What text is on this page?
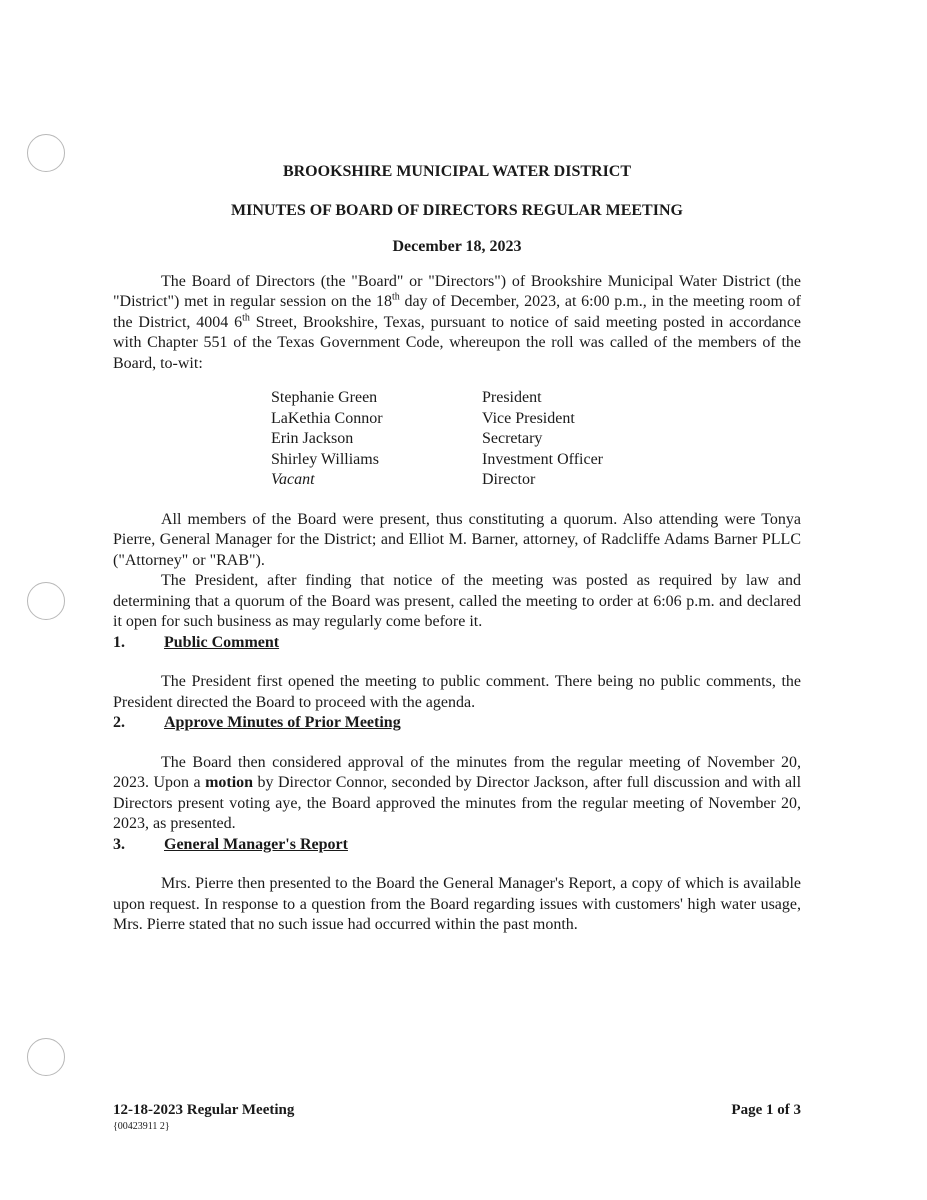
BROOKSHIRE MUNICIPAL WATER DISTRICT

MINUTES OF BOARD OF DIRECTORS REGULAR MEETING

December 18, 2023

The Board of Directors (the "Board" or "Directors") of Brookshire Municipal Water District (the "District") met in regular session on the 18th day of December, 2023, at 6:00 p.m., in the meeting room of the District, 4004 6th Street, Brookshire, Texas, pursuant to notice of said meeting posted in accordance with Chapter 551 of the Texas Government Code, whereupon the roll was called of the members of the Board, to-wit:

Stephanie Green	President
LaKethia Connor	Vice President
Erin Jackson	Secretary
Shirley Williams	Investment Officer
Vacant	Director

All members of the Board were present, thus constituting a quorum. Also attending were Tonya Pierre, General Manager for the District; and Elliot M. Barner, attorney, of Radcliffe Adams Barner PLLC ("Attorney" or "RAB").

The President, after finding that notice of the meeting was posted as required by law and determining that a quorum of the Board was present, called the meeting to order at 6:06 p.m. and declared it open for such business as may regularly come before it.

1.	Public Comment

The President first opened the meeting to public comment. There being no public comments, the President directed the Board to proceed with the agenda.

2.	Approve Minutes of Prior Meeting

The Board then considered approval of the minutes from the regular meeting of November 20, 2023. Upon a motion by Director Connor, seconded by Director Jackson, after full discussion and with all Directors present voting aye, the Board approved the minutes from the regular meeting of November 20, 2023, as presented.

3.	General Manager's Report

Mrs. Pierre then presented to the Board the General Manager's Report, a copy of which is available upon request. In response to a question from the Board regarding issues with customers' high water usage, Mrs. Pierre stated that no such issue had occurred within the past month.

12-18-2023 Regular Meeting
{00423911 2}
Page 1 of 3
